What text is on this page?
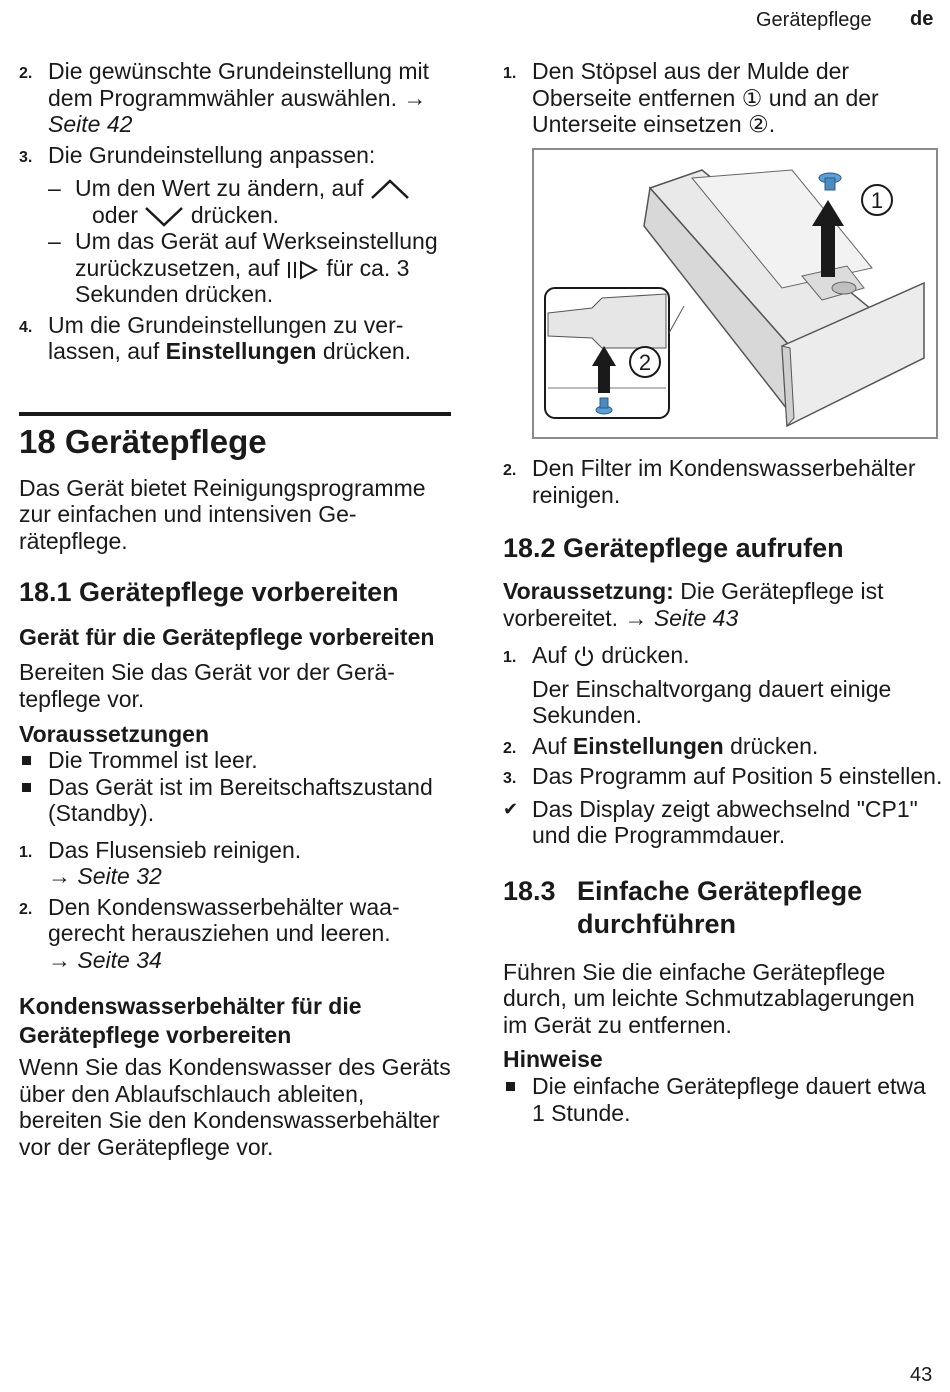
Gerätepflege de
2. Die gewünschte Grundeinstellung mit dem Programmwähler auswählen. → Seite 42
3. Die Grundeinstellung anpassen:
– Um den Wert zu ändern, auf
oder drücken.
– Um das Gerät auf Werkseinstellung zurückzusetzen, auf für ca. 3 Sekunden drücken.
4. Um die Grundeinstellungen zu verlassen, auf Einstellungen drücken.
18 Gerätepflege
Das Gerät bietet Reinigungsprogramme zur einfachen und intensiven Gerätepflege.
18.1 Gerätepflege vorbereiten
Gerät für die Gerätepflege vorbereiten
Bereiten Sie das Gerät vor der Gerätepflege vor.
Voraussetzungen
Die Trommel ist leer.
Das Gerät ist im Bereitschaftszustand (Standby).
1. Das Flusensieb reinigen.
→ Seite 32
2. Den Kondenswasserbehälter waagerecht herausziehen und leeren.
→ Seite 34
Kondenswasserbehälter für die Gerätepflege vorbereiten
Wenn Sie das Kondenswasser des Geräts über den Ablaufschlauch ableiten, bereiten Sie den Kondenswasserbehälter vor der Gerätepflege vor.
1. Den Stöpsel aus der Mulde der Oberseite entfernen ① und an der Unterseite einsetzen ②.
1
2
2. Den Filter im Kondenswasserbehälter reinigen.
18.2 Gerätepflege aufrufen
Voraussetzung: Die Gerätepflege ist vorbereitet. → Seite 43
1. Auf drücken.
Der Einschaltvorgang dauert einige Sekunden.
2. Auf Einstellungen drücken.
3. Das Programm auf Position 5 einstellen.
✔ Das Display zeigt abwechselnd "CP1" und die Programmdauer.
18.3 Einfache Gerätepflege durchführen
Führen Sie die einfache Gerätepflege durch, um leichte Schmutzablagerungen im Gerät zu entfernen.
Hinweise
Die einfache Gerätepflege dauert etwa 1 Stunde.
43
